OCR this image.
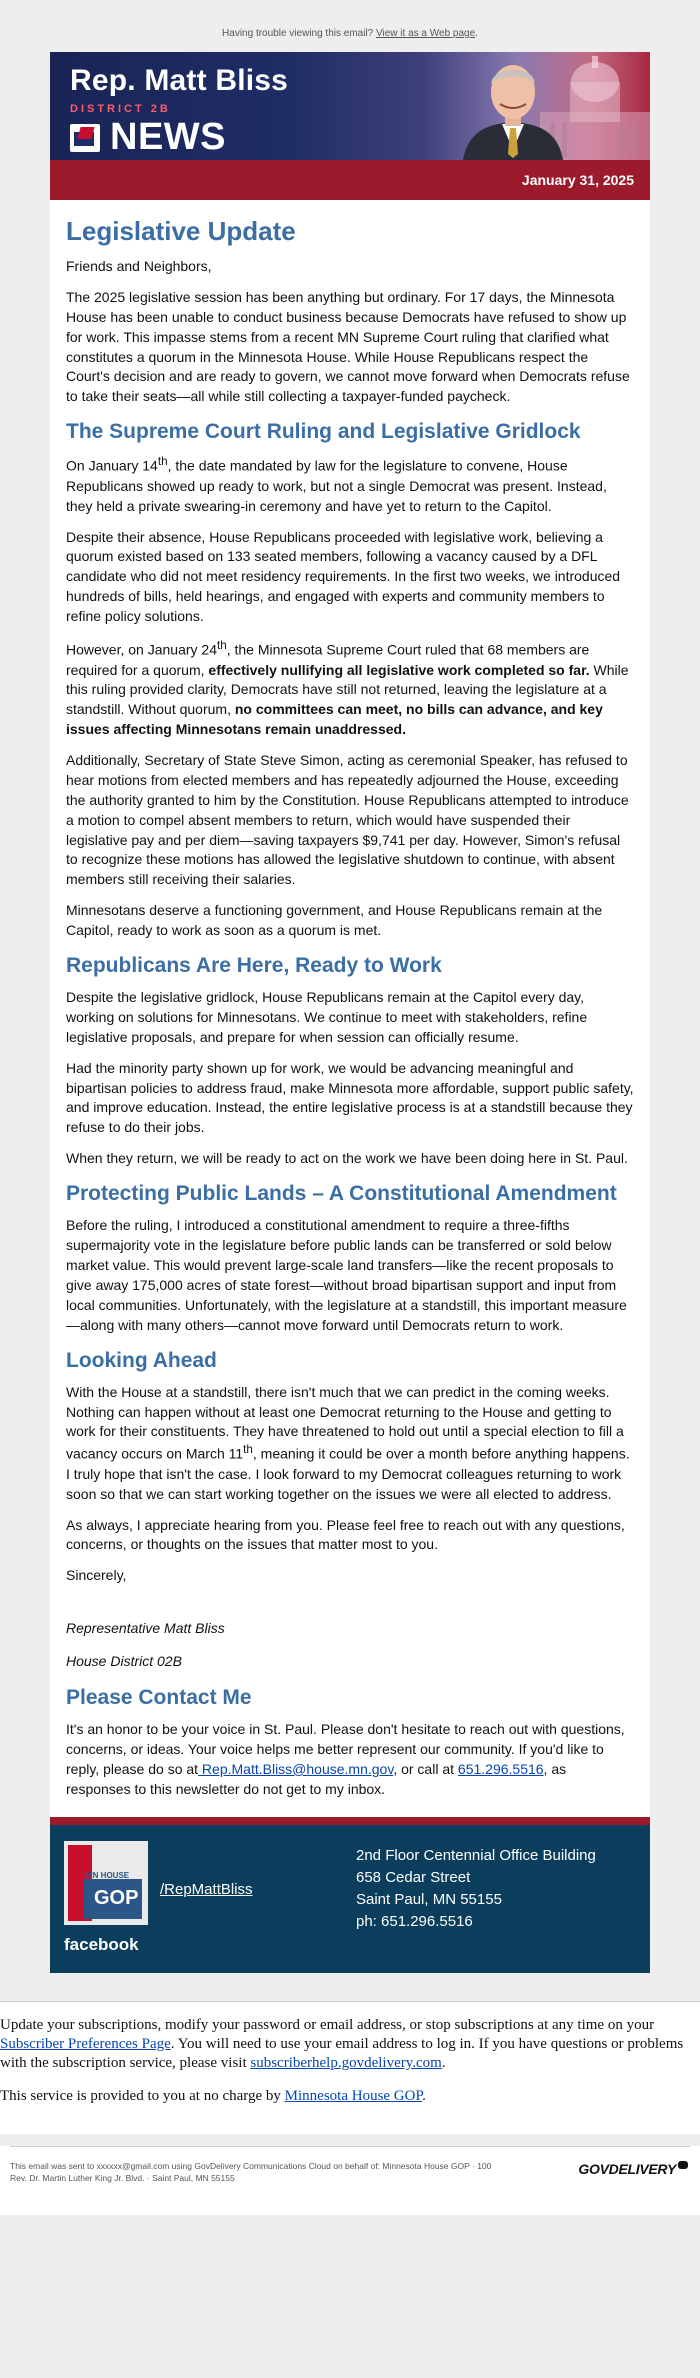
Having trouble viewing this email? View it as a Web page.
Rep. Matt Bliss
DISTRICT 2B
NEWS
January 31, 2025
Legislative Update

Friends and Neighbors,

The 2025 legislative session has been anything but ordinary. For 17 days, the Minnesota House has been unable to conduct business because Democrats have refused to show up for work. This impasse stems from a recent MN Supreme Court ruling that clarified what constitutes a quorum in the Minnesota House. While House Republicans respect the Court's decision and are ready to govern, we cannot move forward when Democrats refuse to take their seats—all while still collecting a taxpayer-funded paycheck.

The Supreme Court Ruling and Legislative Gridlock

On January 14th, the date mandated by law for the legislature to convene, House Republicans showed up ready to work, but not a single Democrat was present. Instead, they held a private swearing-in ceremony and have yet to return to the Capitol.

Despite their absence, House Republicans proceeded with legislative work, believing a quorum existed based on 133 seated members, following a vacancy caused by a DFL candidate who did not meet residency requirements. In the first two weeks, we introduced hundreds of bills, held hearings, and engaged with experts and community members to refine policy solutions.

However, on January 24th, the Minnesota Supreme Court ruled that 68 members are required for a quorum, effectively nullifying all legislative work completed so far. While this ruling provided clarity, Democrats have still not returned, leaving the legislature at a standstill. Without quorum, no committees can meet, no bills can advance, and key issues affecting Minnesotans remain unaddressed.

Additionally, Secretary of State Steve Simon, acting as ceremonial Speaker, has refused to hear motions from elected members and has repeatedly adjourned the House, exceeding the authority granted to him by the Constitution. House Republicans attempted to introduce a motion to compel absent members to return, which would have suspended their legislative pay and per diem—saving taxpayers $9,741 per day. However, Simon's refusal to recognize these motions has allowed the legislative shutdown to continue, with absent members still receiving their salaries.

Minnesotans deserve a functioning government, and House Republicans remain at the Capitol, ready to work as soon as a quorum is met.

Republicans Are Here, Ready to Work

Despite the legislative gridlock, House Republicans remain at the Capitol every day, working on solutions for Minnesotans. We continue to meet with stakeholders, refine legislative proposals, and prepare for when session can officially resume.

Had the minority party shown up for work, we would be advancing meaningful and bipartisan policies to address fraud, make Minnesota more affordable, support public safety, and improve education. Instead, the entire legislative process is at a standstill because they refuse to do their jobs.

When they return, we will be ready to act on the work we have been doing here in St. Paul.

Protecting Public Lands – A Constitutional Amendment

Before the ruling, I introduced a constitutional amendment to require a three-fifths supermajority vote in the legislature before public lands can be transferred or sold below market value. This would prevent large-scale land transfers—like the recent proposals to give away 175,000 acres of state forest—without broad bipartisan support and input from local communities. Unfortunately, with the legislature at a standstill, this important measure—along with many others—cannot move forward until Democrats return to work.

Looking Ahead

With the House at a standstill, there isn't much that we can predict in the coming weeks. Nothing can happen without at least one Democrat returning to the House and getting to work for their constituents. They have threatened to hold out until a special election to fill a vacancy occurs on March 11th, meaning it could be over a month before anything happens. I truly hope that isn't the case. I look forward to my Democrat colleagues returning to work soon so that we can start working together on the issues we were all elected to address.

As always, I appreciate hearing from you. Please feel free to reach out with any questions, concerns, or thoughts on the issues that matter most to you.

Sincerely,

Representative Matt Bliss

House District 02B

Please Contact Me

It's an honor to be your voice in St. Paul. Please don't hesitate to reach out with questions, concerns, or ideas. Your voice helps me better represent our community. If you'd like to reply, please do so at Rep.Matt.Bliss@house.mn.gov, or call at 651.296.5516, as responses to this newsletter do not get to my inbox.

MN HOUSE
GOP
facebook
/RepMattBliss
2nd Floor Centennial Office Building
658 Cedar Street
Saint Paul, MN 55155
ph: 651.296.5516

Update your subscriptions, modify your password or email address, or stop subscriptions at any time on your Subscriber Preferences Page. You will need to use your email address to log in. If you have questions or problems with the subscription service, please visit subscriberhelp.govdelivery.com.

This service is provided to you at no charge by Minnesota House GOP.

This email was sent to xxxxxx@gmail.com using GovDelivery Communications Cloud on behalf of: Minnesota House GOP · 100
Rev. Dr. Martin Luther King Jr. Blvd. · Saint Paul, MN 55155
GOVDELIVERY
